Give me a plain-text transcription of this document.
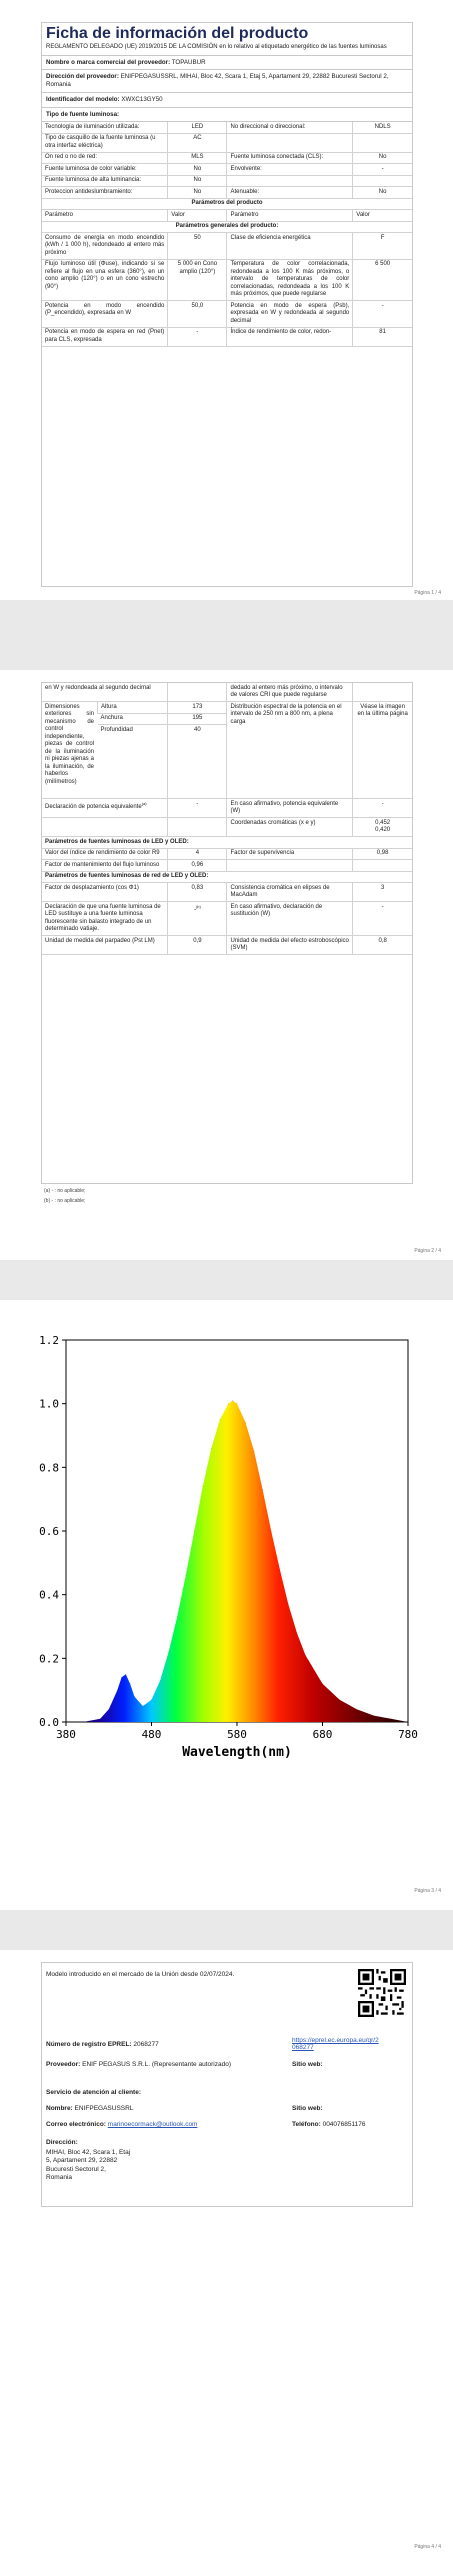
Ficha de información del producto
REGLAMENTO DELEGADO (UE) 2019/2015 DE LA COMISIÓN en lo relativo al etiquetado energético de las fuentes luminosas
Nombre o marca comercial del proveedor: TOPAUBUR
Dirección del proveedor: ENIFPEGASUSSRL, MIHAI, Bloc 42, Scara 1, Etaj 5, Apartament 29, 22882 Bucuresti Sectorul 2, Romania
Identificador del modelo: XWXC13GY50
Tipo de fuente luminosa:
Tecnología de iluminación utilizada:	LED	No direccional o direccional:	NDLS
Tipo de casquillo de la fuente luminosa (u otra interfaz eléctrica)	AC		
On red o no de red:	MLS	Fuente luminosa conectada (CLS):	No
Fuente luminosa de color variable:	No	Envolvente:	-
Fuente luminosa de alta luminancia:	No		
Proteccion antideslumbramiento:	No	Atenuable:	No
Parámetros del producto			
Parámetro	Valor	Parámetro	Valor
Parámetros generales del producto:			
Consumo de energía en modo encendido (kWh / 1 000 h), redondeado al entero más próximo	50	Clase de eficiencia energética	F
Flujo luminoso útil (Φuse), indicando si se refiere al flujo en una esfera (360°), en un cono amplio (120°) o en un cono estrecho (90°)	5 000 en Cono amplio (120°)	Temperatura de color correlacionada, redondeada a los 100 K más próximos, o intervalo de temperaturas de color correlacionadas, redondeada a los 100 K más próximos, que puede regularse	6 500
Potencia en modo encendido (P_encendido), expresada en W	50,0	Potencia en modo de espera (Psb), expresada en W y redondeada al segundo decimal	-
Potencia en modo de espera en red (Pnet) para CLS, expresada	-	Índice de rendimiento de color, redon-	81
Página 1 / 4
en W y redondeada al segundo decimal			dedado al entero más próximo, o intervalo de valores CRI que puede regularse	
Dimensiones exteriores sin mecanismo de control independiente, piezas de control de la iluminación ni piezas ajenas a la iluminación, de haberlos (milímetros)	Altura	173	Distribución espectral de la potencia en el intervalo de 250 nm a 800 nm, a plena carga	Véase la imagen en la última página
	Anchura	195		
	Profundidad	40		
Declaración de potencia equivalente$^{(a)}$		-	En caso afirmativo, potencia equivalente (W)	-
			Coordenadas cromáticas (x e y)	0,452
0,420
Parámetros de fuentes luminosas de LED y OLED:				
Valor del índice de rendimiento de color R9		4	Factor de supervivencia	0,98
Factor de mantenimiento del flujo luminoso		0,96		
Parámetros de fuentes luminosas de red de LED y OLED:				
Factor de desplazamiento (cos Φ1)		0,83	Consistencia cromática en elipses de MacAdam	3
Declaración de que una fuente luminosa de LED sustituye a una fuente luminosa fluorescente sin balasto integrado de un determinado vatiaje.		-$^{(b)}$	En caso afirmativo, declaración de sustitución (W)	-
Unidad de medida del parpadeo (Pst LM)		0,9	Unidad de medida del efecto estroboscópico (SVM)	0,8
(a) - : no aplicable;
(b) - : no aplicable;
Página 2 / 4
0.0
0.2
0.4
0.6
0.8
1.0
1.2
380	480	580	680	780
Wavelength(nm)
Página 3 / 4
Modelo introducido en el mercado de la Unión desde 02/07/2024.
Número de registro EPREL: 2068277
https://eprel.ec.europa.eu/qr/2068277
Proveedor: ENIF PEGASUS S.R.L. (Representante autorizado)	Sitio web:
Servicio de atención al cliente:
Nombre: ENIFPEGASUSSRL	Sitio web:
Correo electrónico: marinoecormack@outlook.com	Teléfono: 004076851176
Dirección:
MIHAI, Bloc 42, Scara 1, Etaj 5, Apartament 29, 22882 Bucuresti Sectorul 2, Romania
Página 4 / 4
